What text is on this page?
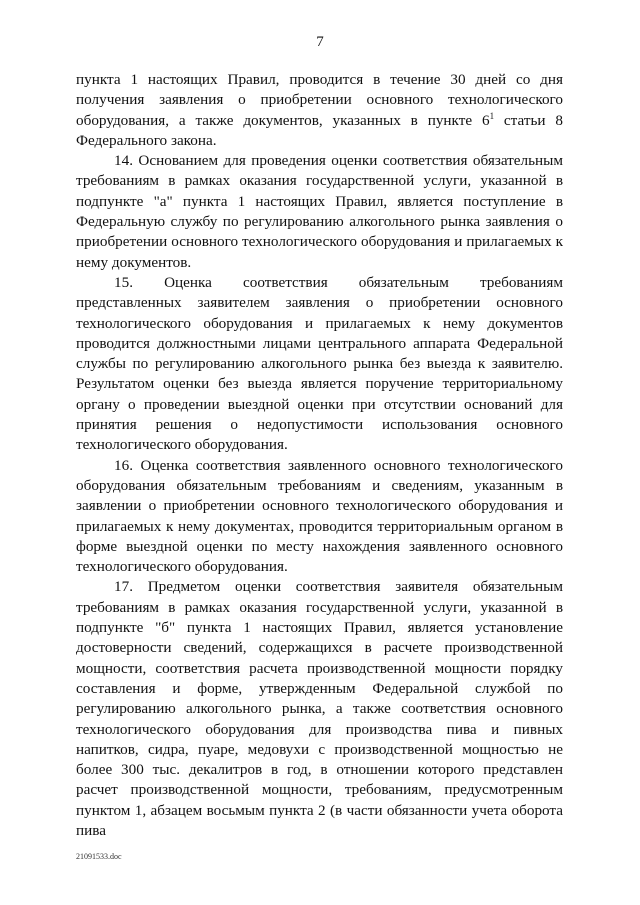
7

пункта 1 настоящих Правил, проводится в течение 30 дней со дня получения заявления о приобретении основного технологического оборудования, а также документов, указанных в пункте $6^1$ статьи 8 Федерального закона.

14. Основанием для проведения оценки соответствия обязательным требованиям в рамках оказания государственной услуги, указанной в подпункте "а" пункта 1 настоящих Правил, является поступление в Федеральную службу по регулированию алкогольного рынка заявления о приобретении основного технологического оборудования и прилагаемых к нему документов.

15. Оценка соответствия обязательным требованиям представленных заявителем заявления о приобретении основного технологического оборудования и прилагаемых к нему документов проводится должностными лицами центрального аппарата Федеральной службы по регулированию алкогольного рынка без выезда к заявителю. Результатом оценки без выезда является поручение территориальному органу о проведении выездной оценки при отсутствии оснований для принятия решения о недопустимости использования основного технологического оборудования.

16. Оценка соответствия заявленного основного технологического оборудования обязательным требованиям и сведениям, указанным в заявлении о приобретении основного технологического оборудования и прилагаемых к нему документах, проводится территориальным органом в форме выездной оценки по месту нахождения заявленного основного технологического оборудования.

17. Предметом оценки соответствия заявителя обязательным требованиям в рамках оказания государственной услуги, указанной в подпункте "б" пункта 1 настоящих Правил, является установление достоверности сведений, содержащихся в расчете производственной мощности, соответствия расчета производственной мощности порядку составления и форме, утвержденным Федеральной службой по регулированию алкогольного рынка, а также соответствия основного технологического оборудования для производства пива и пивных напитков, сидра, пуаре, медовухи с производственной мощностью не более 300 тыс. декалитров в год, в отношении которого представлен расчет производственной мощности, требованиям, предусмотренным пунктом 1, абзацем восьмым пункта 2 (в части обязанности учета оборота пива

21091533.doc
